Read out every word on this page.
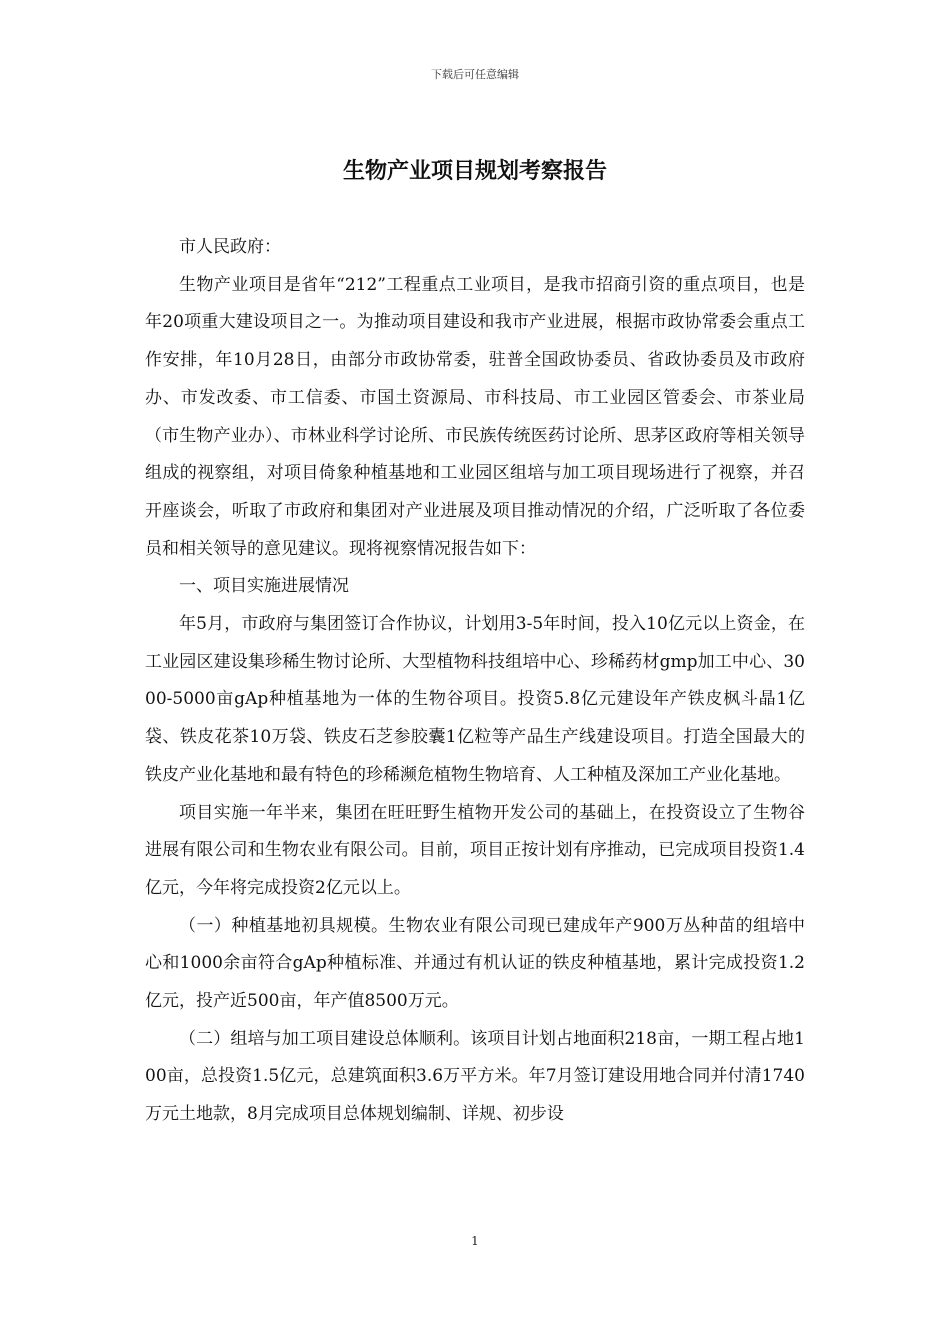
下载后可任意编辑
生物产业项目规划考察报告

市人民政府：

生物产业项目是省年“212”工程重点工业项目，是我市招商引资的重点项目，也是年20项重大建设项目之一。为推动项目建设和我市产业进展，根据市政协常委会重点工作安排，年10月28日，由部分市政协常委，驻普全国政协委员、省政协委员及市政府办、市发改委、市工信委、市国土资源局、市科技局、市工业园区管委会、市茶业局（市生物产业办）、市林业科学讨论所、市民族传统医药讨论所、思茅区政府等相关领导组成的视察组，对项目倚象种植基地和工业园区组培与加工项目现场进行了视察，并召开座谈会，听取了市政府和集团对产业进展及项目推动情况的介绍，广泛听取了各位委员和相关领导的意见建议。现将视察情况报告如下：

一、项目实施进展情况

年5月，市政府与集团签订合作协议，计划用3-5年时间，投入10亿元以上资金，在工业园区建设集珍稀生物讨论所、大型植物科技组培中心、珍稀药材gmp加工中心、3000-5000亩gAp种植基地为一体的生物谷项目。投资5.8亿元建设年产铁皮枫斗晶1亿袋、铁皮花茶10万袋、铁皮石芝参胶囊1亿粒等产品生产线建设项目。打造全国最大的铁皮产业化基地和最有特色的珍稀濒危植物生物培育、人工种植及深加工产业化基地。

项目实施一年半来，集团在旺旺野生植物开发公司的基础上，在投资设立了生物谷进展有限公司和生物农业有限公司。目前，项目正按计划有序推动，已完成项目投资1.4亿元，今年将完成投资2亿元以上。

（一）种植基地初具规模。生物农业有限公司现已建成年产900万丛种苗的组培中心和1000余亩符合gAp种植标准、并通过有机认证的铁皮种植基地，累计完成投资1.2亿元，投产近500亩，年产值8500万元。

（二）组培与加工项目建设总体顺利。该项目计划占地面积218亩，一期工程占地100亩，总投资1.5亿元，总建筑面积3.6万平方米。年7月签订建设用地合同并付清1740万元土地款，8月完成项目总体规划编制、详规、初步设

1
